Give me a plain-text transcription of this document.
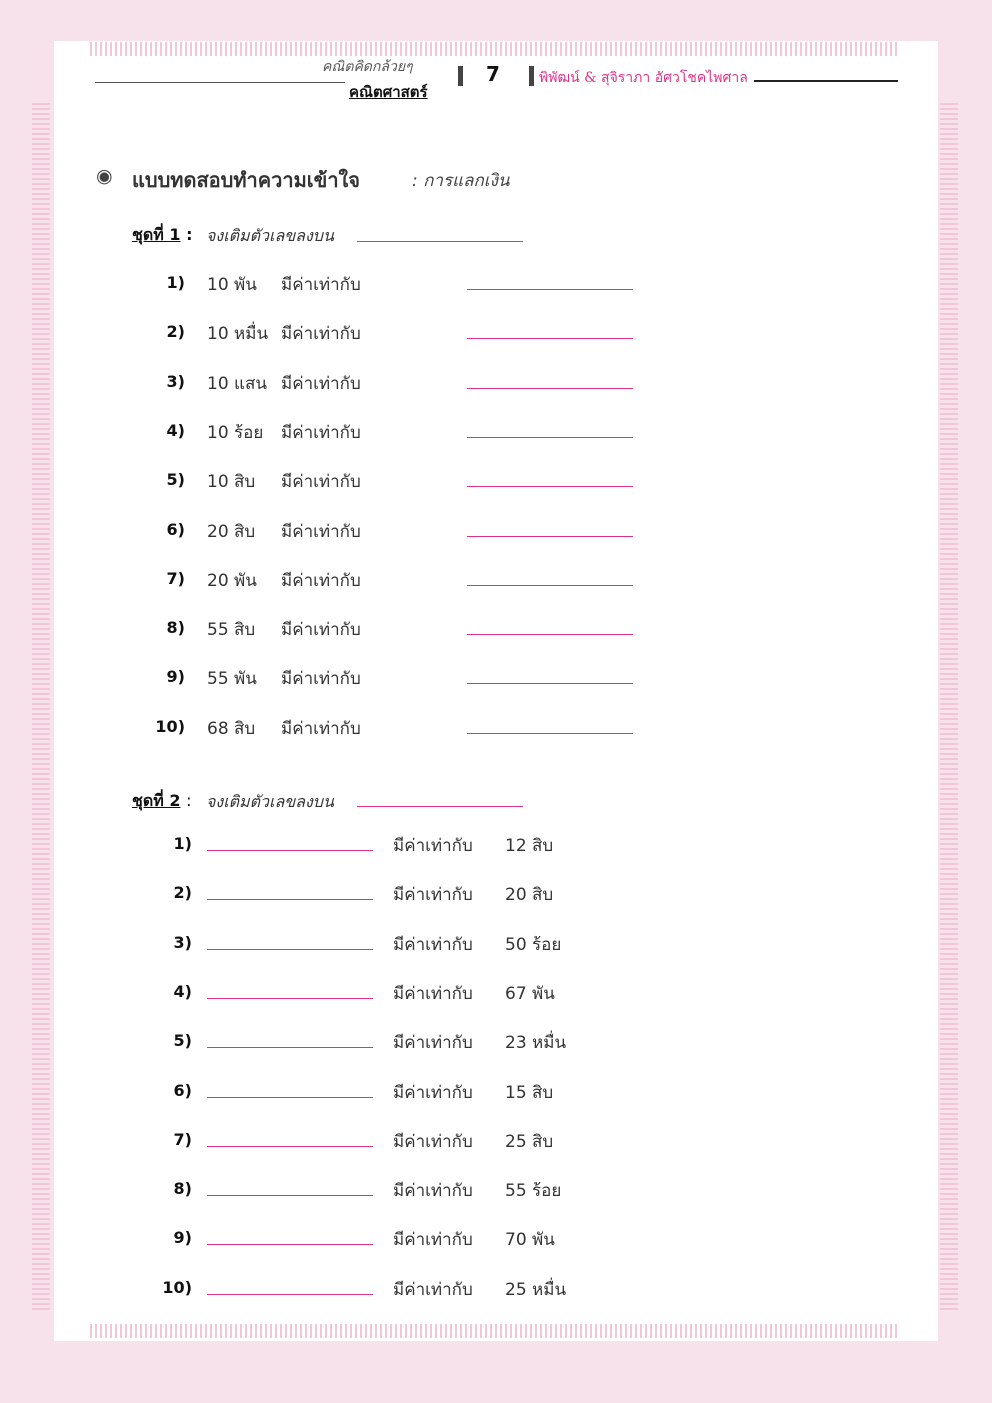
คณิตคิดกล้วยๆ
คณิตศาสตร์
7	พิพัฒน์ & สุจิราภา อัศวโชคไพศาล
◉ แบบทดสอบทำความเข้าใจ	: การแลกเงิน
ชุดที่ 1 : จงเติมตัวเลขลงบน
1) 10 พัน มีค่าเท่ากับ
2) 10 หมื่น มีค่าเท่ากับ
3) 10 แสน มีค่าเท่ากับ
4) 10 ร้อย มีค่าเท่ากับ
5) 10 สิบ มีค่าเท่ากับ
6) 20 สิบ มีค่าเท่ากับ
7) 20 พัน มีค่าเท่ากับ
8) 55 สิบ มีค่าเท่ากับ
9) 55 พัน มีค่าเท่ากับ
10) 68 สิบ มีค่าเท่ากับ
ชุดที่ 2 : จงเติมตัวเลขลงบน
1)	มีค่าเท่ากับ 12 สิบ
2)	มีค่าเท่ากับ 20 สิบ
3)	มีค่าเท่ากับ 50 ร้อย
4)	มีค่าเท่ากับ 67 พัน
5)	มีค่าเท่ากับ 23 หมื่น
6)	มีค่าเท่ากับ 15 สิบ
7)	มีค่าเท่ากับ 25 สิบ
8)	มีค่าเท่ากับ 55 ร้อย
9)	มีค่าเท่ากับ 70 พัน
10)	มีค่าเท่ากับ 25 หมื่น
